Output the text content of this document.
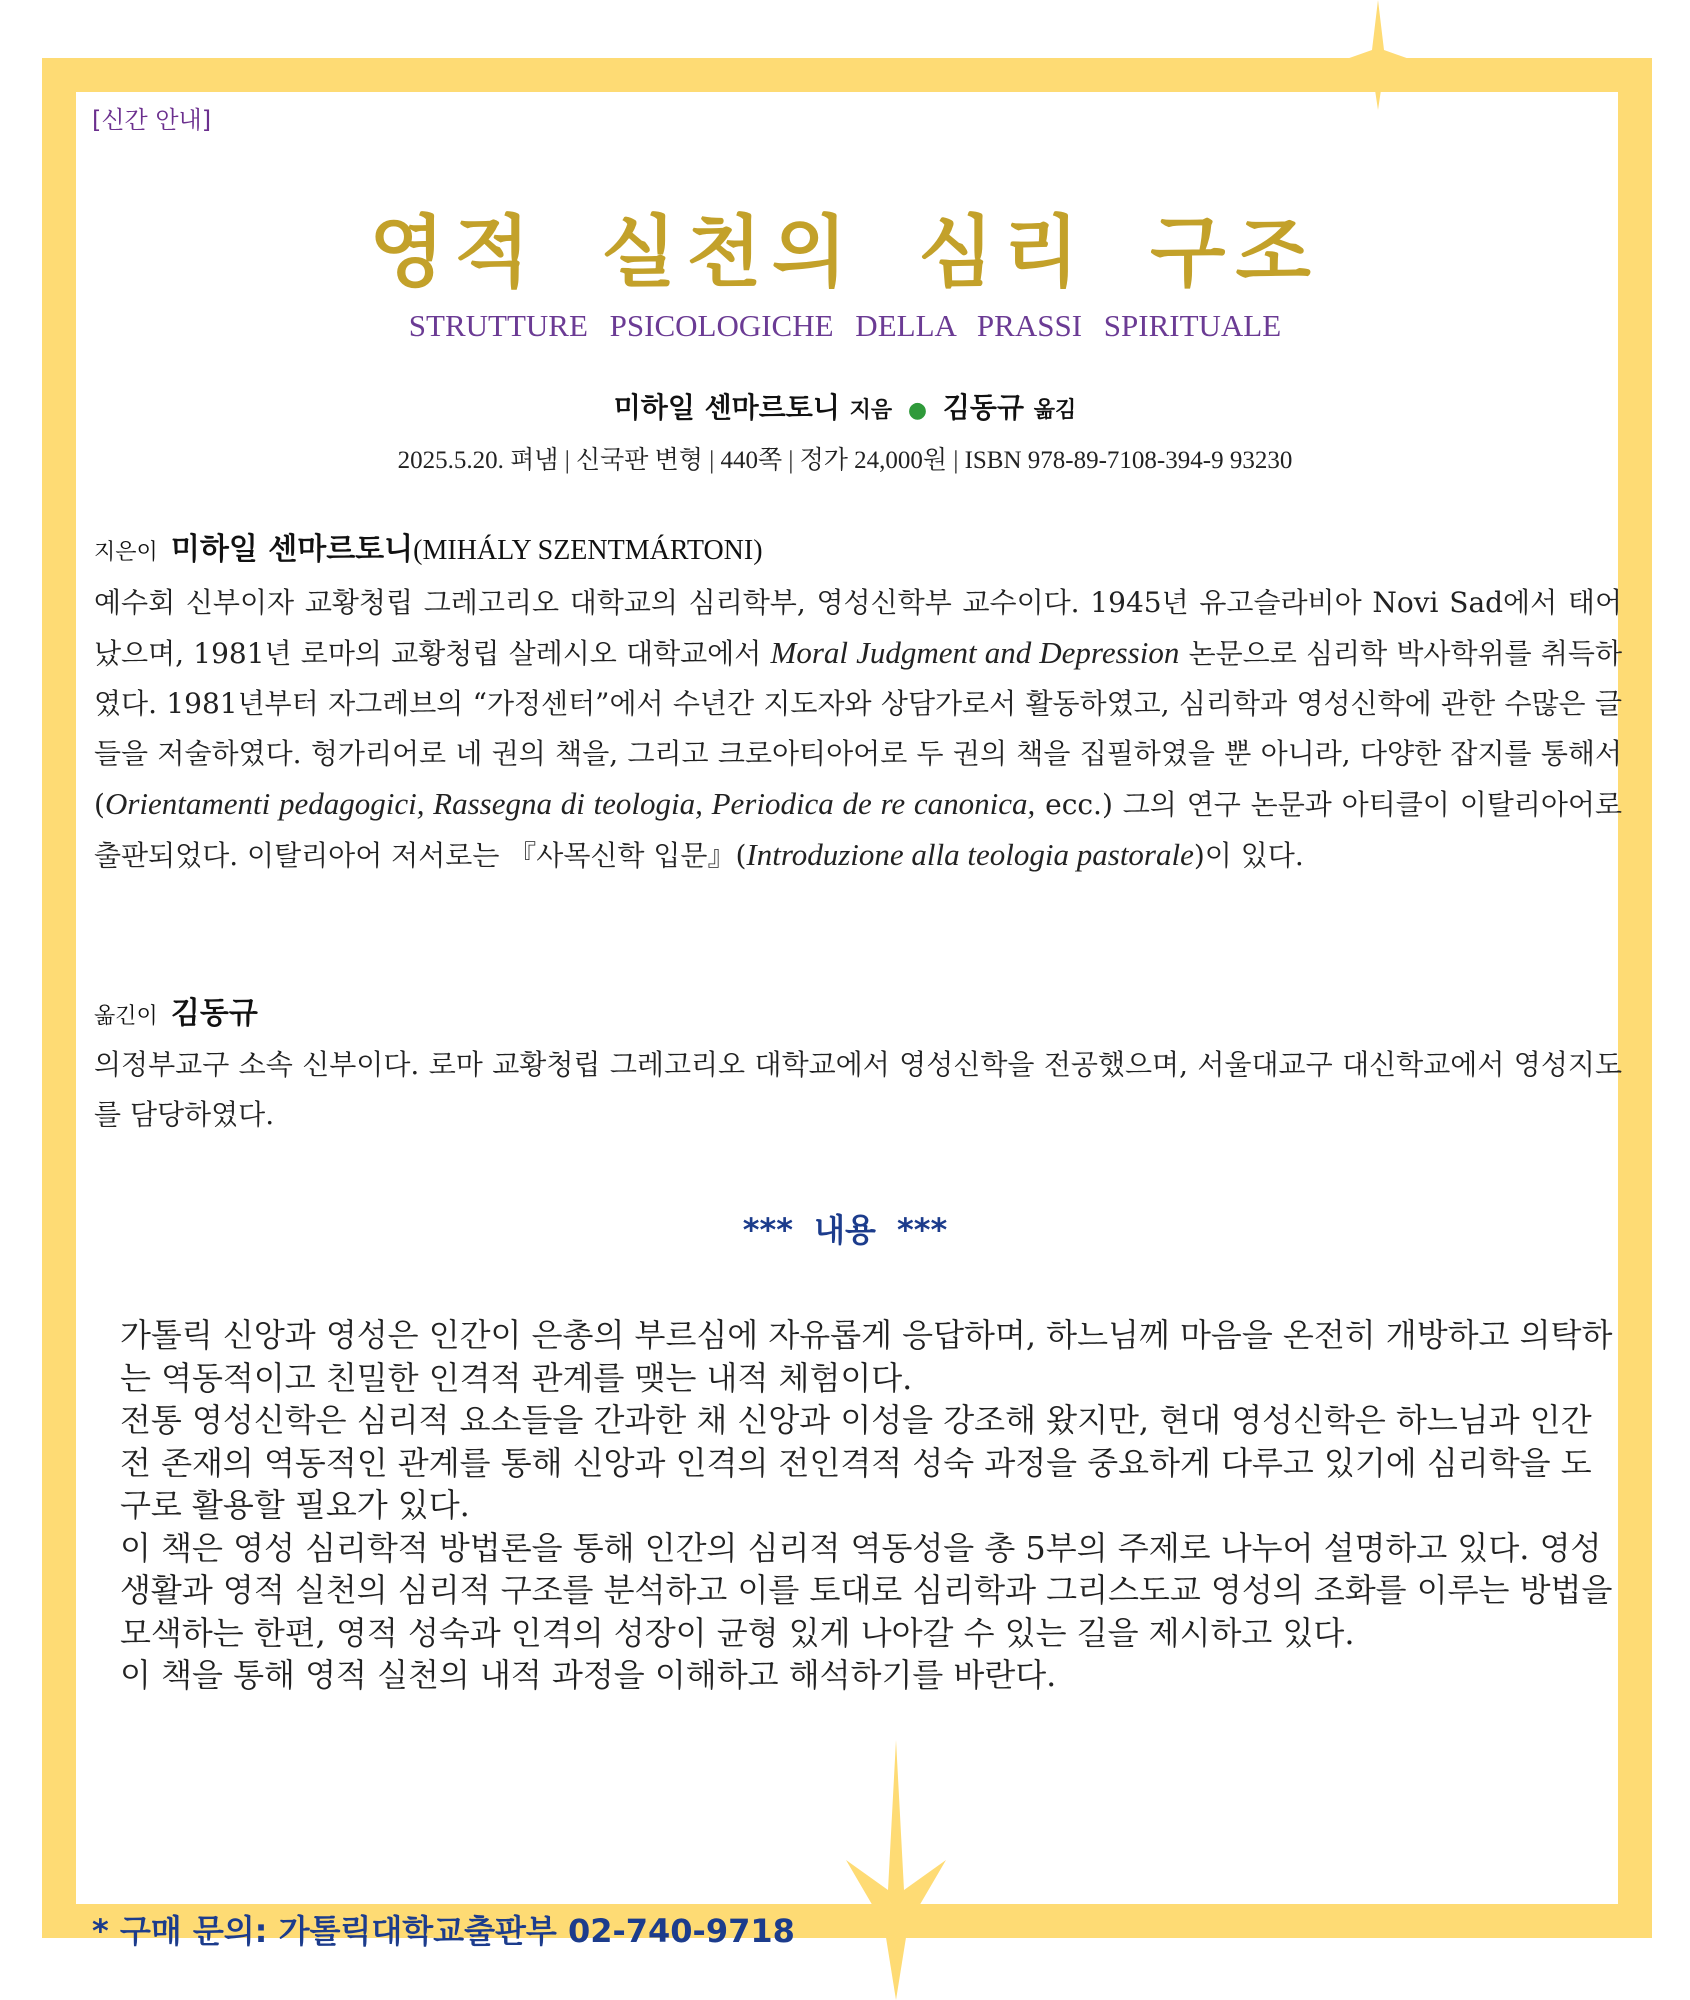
[신간 안내]
영적 실천의 심리 구조
STRUTTURE PSICOLOGICHE DELLA PRASSI SPIRITUALE
미하일 센마르토니 지음 ● 김동규 옮김
2025.5.20. 펴냄 | 신국판 변형 | 440쪽 | 정가 24,000원 | ISBN 978-89-7108-394-9 93230
지은이 미하일 센마르토니(MIHÁLY SZENTMÁRTONI)
예수회 신부이자 교황청립 그레고리오 대학교의 심리학부, 영성신학부 교수이다. 1945년 유고슬라비아 Novi Sad에서 태어났으며, 1981년 로마의 교황청립 살레시오 대학교에서 Moral Judgment and Depression 논문으로 심리학 박사학위를 취득하였다. 1981년부터 자그레브의 “가정센터”에서 수년간 지도자와 상담가로서 활동하였고, 심리학과 영성신학에 관한 수많은 글들을 저술하였다. 헝가리어로 네 권의 책을, 그리고 크로아티아어로 두 권의 책을 집필하였을 뿐 아니라, 다양한 잡지를 통해서(Orientamenti pedagogici, Rassegna di teologia, Periodica de re canonica, ecc.) 그의 연구 논문과 아티클이 이탈리아어로 출판되었다. 이탈리아어 저서로는 『사목신학 입문』(Introduzione alla teologia pastorale)이 있다.
옮긴이 김동규
의정부교구 소속 신부이다. 로마 교황청립 그레고리오 대학교에서 영성신학을 전공했으며, 서울대교구 대신학교에서 영성지도를 담당하였다.
*** 내용 ***

가톨릭 신앙과 영성은 인간이 은총의 부르심에 자유롭게 응답하며, 하느님께 마음을 온전히 개방하고 의탁하는 역동적이고 친밀한 인격적 관계를 맺는 내적 체험이다.

전통 영성신학은 심리적 요소들을 간과한 채 신앙과 이성을 강조해 왔지만, 현대 영성신학은 하느님과 인간 전 존재의 역동적인 관계를 통해 신앙과 인격의 전인격적 성숙 과정을 중요하게 다루고 있기에 심리학을 도구로 활용할 필요가 있다.

이 책은 영성 심리학적 방법론을 통해 인간의 심리적 역동성을 총 5부의 주제로 나누어 설명하고 있다. 영성생활과 영적 실천의 심리적 구조를 분석하고 이를 토대로 심리학과 그리스도교 영성의 조화를 이루는 방법을 모색하는 한편, 영적 성숙과 인격의 성장이 균형 있게 나아갈 수 있는 길을 제시하고 있다.

이 책을 통해 영적 실천의 내적 과정을 이해하고 해석하기를 바란다.

* 구매 문의: 가톨릭대학교출판부 02-740-9718
